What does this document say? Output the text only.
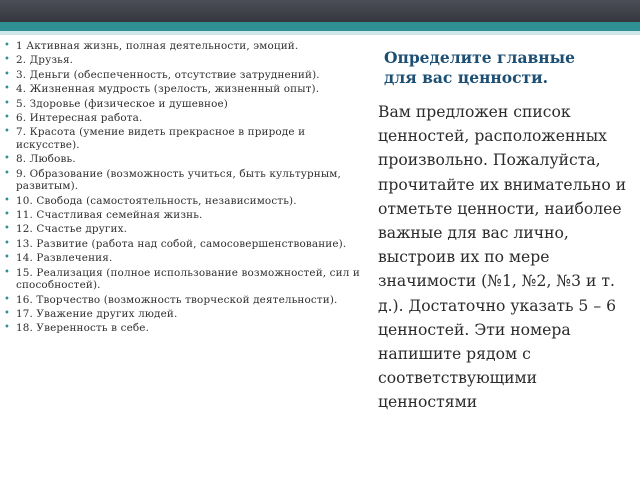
• 1 Активная жизнь, полная деятельности, эмоций.
• 2. Друзья.
• 3. Деньги (обеспеченность, отсутствие затруднений).
• 4. Жизненная мудрость (зрелость, жизненный опыт).
• 5. Здоровье (физическое и душевное)
• 6. Интересная работа.
• 7. Красота (умение видеть прекрасное в природе и искусстве).
• 8. Любовь.
• 9. Образование (возможность учиться, быть культурным, развитым).
• 10. Свобода (самостоятельность, независимость).
• 11. Счастливая семейная жизнь.
• 12. Счастье других.
• 13. Развитие (работа над собой, самосовершенствование).
• 14. Развлечения.
• 15. Реализация (полное использование возможностей, сил и способностей).
• 16. Творчество (возможность творческой деятельности).
• 17. Уважение других людей.
• 18. Уверенность в себе.
Определите главные
для вас ценности.
Вам предложен список ценностей, расположенных произвольно. Пожалуйста, прочитайте их внимательно и отметьте ценности, наиболее важные для вас лично, выстроив их по мере значимости (№1, №2, №3 и т. д.). Достаточно указать 5 – 6 ценностей. Эти номера напишите рядом с соответствующими ценностями
